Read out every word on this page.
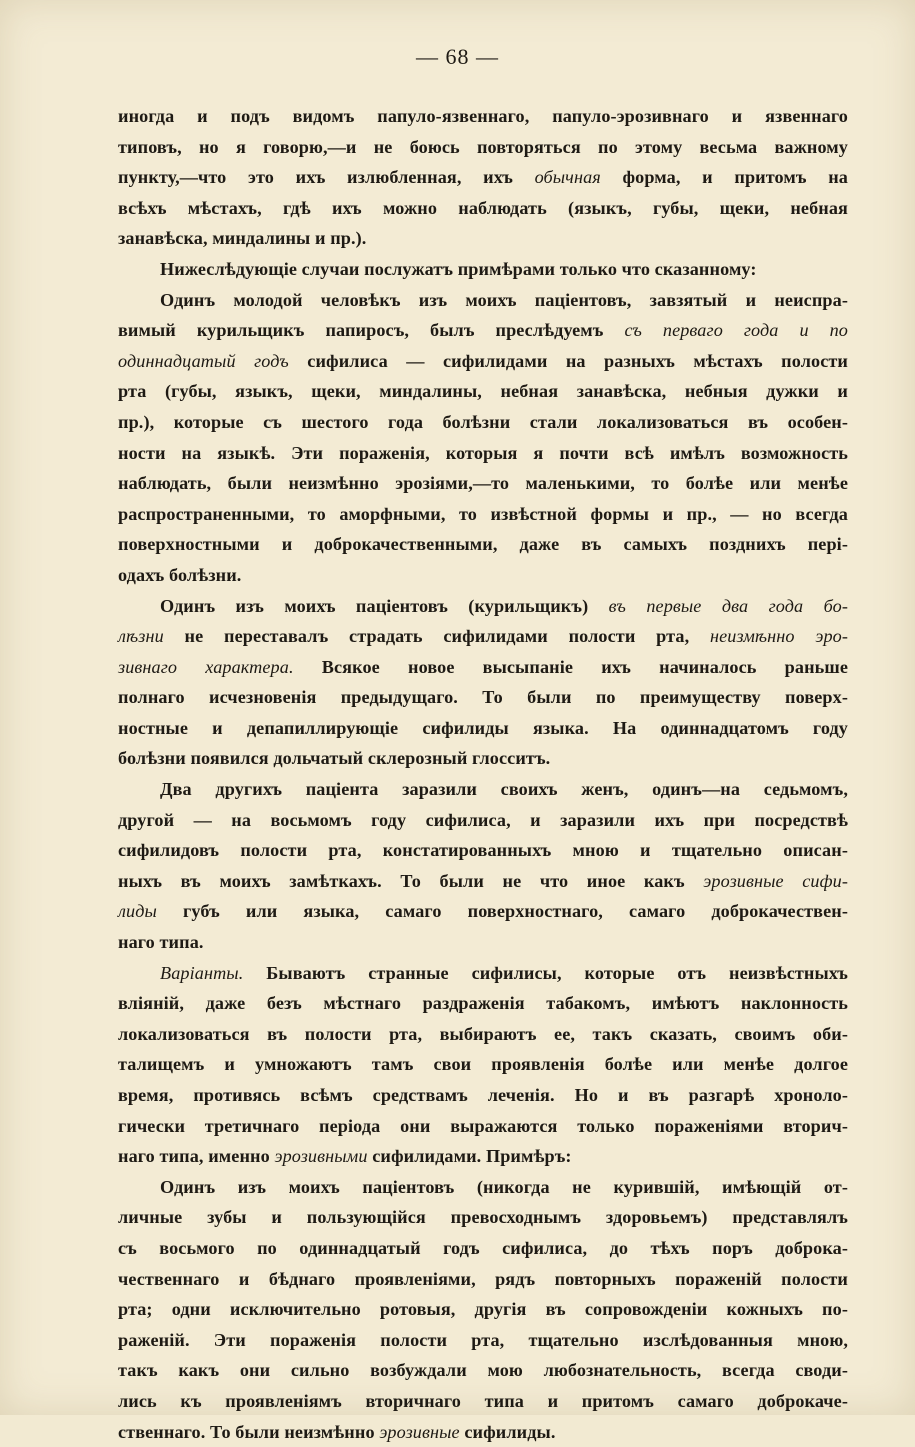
— 68 —
иногда и подъ видомъ папуло-язвеннаго, папуло-эрозивнаго и язвеннаго
типовъ, но я говорю,—и не боюсь повторяться по этому весьма важному
пункту,—что это ихъ излюбленная, ихъ обычная форма, и притомъ на
всѣхъ мѣстахъ, гдѣ ихъ можно наблюдать (языкъ, губы, щеки, небная
занавѣска, миндалины и пр.).
Нижеслѣдующіе случаи послужатъ примѣрами только что сказанному:
Одинъ молодой человѣкъ изъ моихъ паціентовъ, завзятый и неиспра-
вимый курильщикъ папиросъ, былъ преслѣдуемъ съ перваго года и по
одиннадцатый годъ сифилиса — сифилидами на разныхъ мѣстахъ полости
рта (губы, языкъ, щеки, миндалины, небная занавѣска, небныя дужки и
пр.), которые съ шестого года болѣзни стали локализоваться въ особен-
ности на языкѣ. Эти пораженія, которыя я почти всѣ имѣлъ возможность
наблюдать, были неизмѣнно эрозіями,—то маленькими, то болѣе или менѣе
распространенными, то аморфными, то извѣстной формы и пр., — но всегда
поверхностными и доброкачественными, даже въ самыхъ позднихъ перi-
одахъ болѣзни.
Одинъ изъ моихъ паціентовъ (курильщикъ) въ первые два года бо-
лѣзни не переставалъ страдать сифилидами полости рта, неизмѣнно эро-
зивнаго характера. Всякое новое высыпаніе ихъ начиналось раньше
полнаго исчезновенія предыдущаго. То были по преимуществу поверх-
ностные и депапиллирующіе сифилиды языка. На одиннадцатомъ году
болѣзни появился дольчатый склерозный глосситъ.
Два другихъ паціента заразили своихъ женъ, одинъ—на седьмомъ,
другой — на восьмомъ году сифилиса, и заразили ихъ при посредствѣ
сифилидовъ полости рта, констатированныхъ мною и тщательно описан-
ныхъ въ моихъ замѣткахъ. То были не что иное какъ эрозивные сифи-
лиды губъ или языка, самаго поверхностнаго, самаго доброкачествен-
наго типа.
Варіанты. Бываютъ странные сифилисы, которые отъ неизвѣстныхъ
вліяній, даже безъ мѣстнаго раздраженія табакомъ, имѣютъ наклонность
локализоваться въ полости рта, выбираютъ ее, такъ сказать, своимъ оби-
талищемъ и умножаютъ тамъ свои проявленія болѣе или менѣе долгое
время, противясь всѣмъ средствамъ леченія. Но и въ разгарѣ хроноло-
гически третичнаго періода они выражаются только пораженіями вторич-
наго типа, именно эрозивными сифилидами. Примѣръ:
Одинъ изъ моихъ паціентовъ (никогда не курившій, имѣющій от-
личные зубы и пользующійся превосходнымъ здоровьемъ) представлялъ
съ восьмого по одиннадцатый годъ сифилиса, до тѣхъ поръ доброка-
чественнаго и бѣднаго проявленіями, рядъ повторныхъ пораженій полости
рта; одни исключительно ротовыя, другія въ сопровожденіи кожныхъ по-
раженій. Эти пораженія полости рта, тщательно изслѣдованныя мною,
такъ какъ они сильно возбуждали мою любознательность, всегда своди-
лись къ проявленіямъ вторичнаго типа и притомъ самаго доброкаче-
ственнаго. То были неизмѣнно эрозивные сифилиды.
